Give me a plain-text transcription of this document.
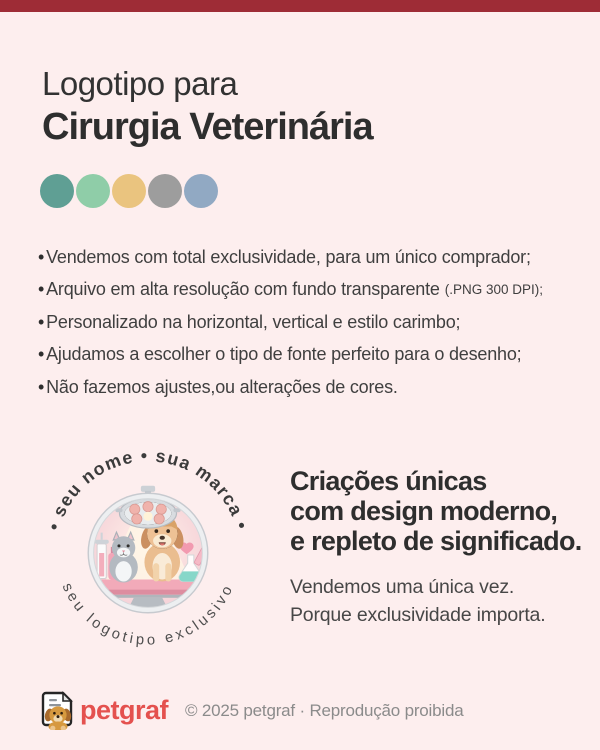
Logotipo para
Cirurgia Veterinária
• Vendemos com total exclusividade, para um único comprador;
• Arquivo em alta resolução com fundo transparente (.PNG 300 DPI);
• Personalizado na horizontal, vertical e estilo carimbo;
• Ajudamos a escolher o tipo de fonte perfeito para o desenho;
• Não fazemos ajustes,ou alterações de cores.
• seu nome • sua marca •
seu logotipo exclusivo
Criações únicas
com design moderno,
e repleto de significado.
Vendemos uma única vez.
Porque exclusividade importa.
petgraf © 2025 petgraf · Reprodução proibida
